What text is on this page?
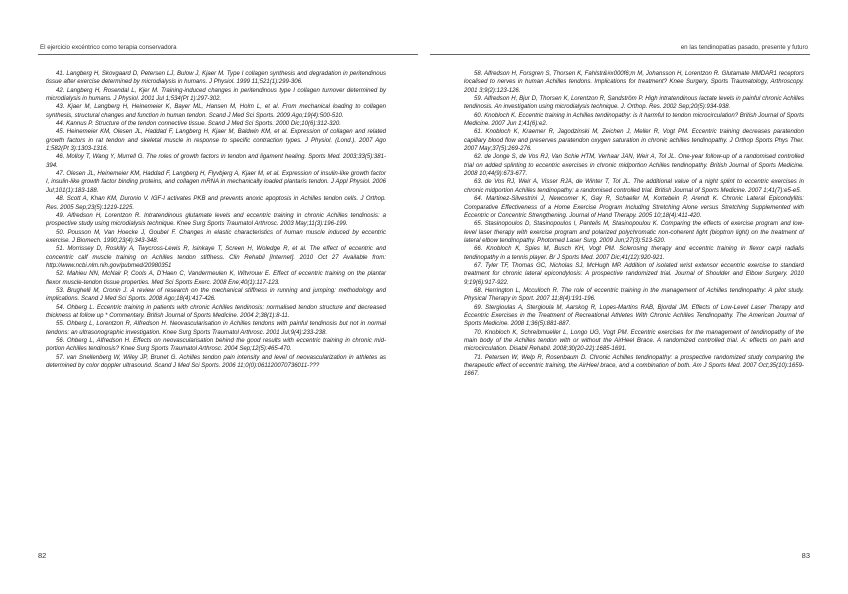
El ejercicio excéntrico como terapia conservadora

41. Langberg H, Skovgaard D, Petersen LJ, Bulow J, Kjaer M. Type I collagen synthesis and degradation in peritendinous tissue after exercise determined by microdialysis in humans. J Physiol. 1999 11;521(1):299-306.

42. Langberg H, Rosendal L, Kjer M. Training-induced changes in peritendinous type I collagen turnover determined by microdialysis in humans. J Physiol. 2001 Jul 1;534(Pt 1):297-302.

43. Kjaer M, Langberg H, Heinemeier K, Bayer ML, Hansen M, Holm L, et al. From mechanical loading to collagen synthesis, structural changes and function in human tendon. Scand J Med Sci Sports. 2009 Ago;19(4):500-510.

44. Kannus P. Structure of the tendon connective tissue. Scand J Med Sci Sports. 2000 Dic;10(6):312-320.

45. Heinemeier KM, Olesen JL, Haddad F, Langberg H, Kjaer M, Baldwin KM, et al. Expression of collagen and related growth factors in rat tendon and skeletal muscle in response to specific contraction types. J Physiol. (Lond.). 2007 Ago 1;582(Pt 3):1303-1316.

46. Molloy T, Wang Y, Murrell G. The roles of growth factors in tendon and ligament healing. Sports Med. 2003;33(5):381-394.

47. Olesen JL, Heinemeier KM, Haddad F, Langberg H, Flyvbjerg A, Kjaer M, et al. Expression of insulin-like growth factor I, insulin-like growth factor binding proteins, and collagen mRNA in mechanically loaded plantaris tendon. J Appl Physiol. 2006 Jul;101(1):183-188.

48. Scott A, Khan KM, Duronio V. IGF-I activates PKB and prevents anoxic apoptosis in Achilles tendon cells. J Orthop. Res. 2005 Sep;23(5):1219-1225.

49. Alfredson H, Lorentzon R. Intratendinous glutamate levels and eccentric training in chronic Achilles tendinosis: a prospective study using microdialysis technique. Knee Surg Sports Traumatol Arthrosc. 2003 May;11(3):196-199.

50. Pousson M, Van Hoecke J, Goubel F. Changes in elastic characteristics of human muscle induced by eccentric exercise. J Biomech. 1990;23(4):343-348.

51. Morrissey D, Roskilly A, Twycross-Lewis R, Isinkaye T, Screen H, Woledge R, et al. The effect of eccentric and concentric calf muscle training on Achilles tendon stiffness. Clin Rehabil [Internet]. 2010 Oct 27 Available from: http://www.ncbi.nlm.nih.gov/pubmed/20980351

52. Mahieu NN, McNair P, Cools A, D'Haen C, Vandermeulen K, Witvrouw E. Effect of eccentric training on the plantar flexor muscle-tendon tissue properties. Med Sci Sports Exerc. 2008 Ene;40(1):117-123.

53. Brughelli M, Cronin J. A review of research on the mechanical stiffness in running and jumping: methodology and implications. Scand J Med Sci Sports. 2008 Ago;18(4):417-426.

54. Ohberg L. Eccentric training in patients with chronic Achilles tendinosis: normalised tendon structure and decreased thickness at follow up * Commentary. British Journal of Sports Medicine. 2004 2;38(1):8-11.

55. Ohberg L, Lorentzon R, Alfredson H. Neovascularisation in Achilles tendons with painful tendinosis but not in normal tendons: an ultrasonographic investigation. Knee Surg Sports Traumatol Arthrosc. 2001 Jul;9(4):233-238.

56. Ohberg L, Alfredson H. Effects on neovascularisation behind the good results with eccentric training in chronic mid-portion Achilles tendinosis? Knee Surg Sports Traumatol Arthrosc. 2004 Sep;12(5):465-470.

57. van Snellenberg W, Wiley JP, Brunet G. Achilles tendon pain intensity and level of neovascularization in athletes as determined by color doppler ultrasound. Scand J Med Sci Sports. 2006 11;0(0):061120070736011-???

82
en las tendinopatías pasado, presente y futuro

58. Alfredson H, Forsgren S, Thorsen K, Fahlstr&#x000f6;m M, Johansson H, Lorentzon R. Glutamate NMDAR1 receptors localised to nerves in human Achilles tendons. Implications for treatment? Knee Surgery, Sports Traumatology, Arthroscopy. 2001 3;9(2):123-126.

59. Alfredson H, Bjur D, Thorsen K, Lorentzon R, Sandström P. High intratendinous lactate levels in painful chronic Achilles tendinosis. An investigation using microdialysis technique. J. Orthop. Res. 2002 Sep;20(5):934-938.

60. Knobloch K. Eccentric training in Achilles tendinopathy: is it harmful to tendon microcirculation? British Journal of Sports Medicine. 2007 Jun 1;41(6):e2.

61. Knobloch K, Kraemer R, Jagodzinski M, Zeichen J, Meller R, Vogt PM. Eccentric training decreases paratendon capillary blood flow and preserves paratendon oxygen saturation in chronic achilles tendinopathy. J Orthop Sports Phys Ther. 2007 May;37(5):269-276.

62. de Jonge S, de Vos RJ, Van Schie HTM, Verhaar JAN, Weir A, Tol JL. One-year follow-up of a randomised controlled trial on added splinting to eccentric exercises in chronic midportion Achilles tendinopathy. British Journal of Sports Medicine. 2008 10;44(9):673-677.

63. de Vos RJ, Weir A, Visser RJA, de Winter T, Tol JL. The additional value of a night splint to eccentric exercises in chronic midportion Achilles tendinopathy: a randomised controlled trial. British Journal of Sports Medicine. 2007 1;41(7):e5-e5.

64. Martinez-Silvestrini J, Newcomer K, Gay R, Schaefer M, Kortebein P, Arendt K. Chronic Lateral Epicondylitis: Comparative Effectiveness of a Home Exercise Program Including Stretching Alone versus Stretching Supplemented with Eccentric or Concentric Strengthening. Journal of Hand Therapy. 2005 10;18(4):411-420.

65. Stasinopoulos D, Stasinopoulos I, Pantelis M, Stasinopoulou K. Comparing the effects of exercise program and low-level laser therapy with exercise program and polarized polychromatic non-coherent light (bioptron light) on the treatment of lateral elbow tendinopathy. Photomed Laser Surg. 2009 Jun;27(3):513-520.

66. Knobloch K, Spies M, Busch KH, Vogt PM. Sclerosing therapy and eccentric training in flexor carpi radialis tendinopathy in a tennis player. Br J Sports Med. 2007 Dic;41(12):920-921.

67. Tyler TF, Thomas GC, Nicholas SJ, McHugh MP. Addition of isolated wrist extensor eccentric exercise to standard treatment for chronic lateral epicondylosis: A prospective randomized trial. Journal of Shoulder and Elbow Surgery. 2010 9;19(6):917-922.

68. Herrington L, Mcculloch R. The role of eccentric training in the management of Achilles tendinopathy: A pilot study. Physical Therapy in Sport. 2007 11;8(4):191-196.

69. Stergioulas A, Stergioula M, Aarskog R, Lopes-Martins RAB, Bjordal JM. Effects of Low-Level Laser Therapy and Eccentric Exercises in the Treatment of Recreational Athletes With Chronic Achilles Tendinopathy. The American Journal of Sports Medicine. 2008 1;36(5):881-887.

70. Knobloch K, Schreibmueller L, Longo UG, Vogt PM. Eccentric exercises for the management of tendinopathy of the main body of the Achilles tendon with or without the AirHeel Brace. A randomized controlled trial. A: effects on pain and microcirculation. Disabil Rehabil. 2008;30(20-22):1685-1691.

71. Petersen W, Welp R, Rosenbaum D. Chronic Achilles tendinopathy: a prospective randomized study comparing the therapeutic effect of eccentric training, the AirHeel brace, and a combination of both. Am J Sports Med. 2007 Oct;35(10):1659-1667.

83
